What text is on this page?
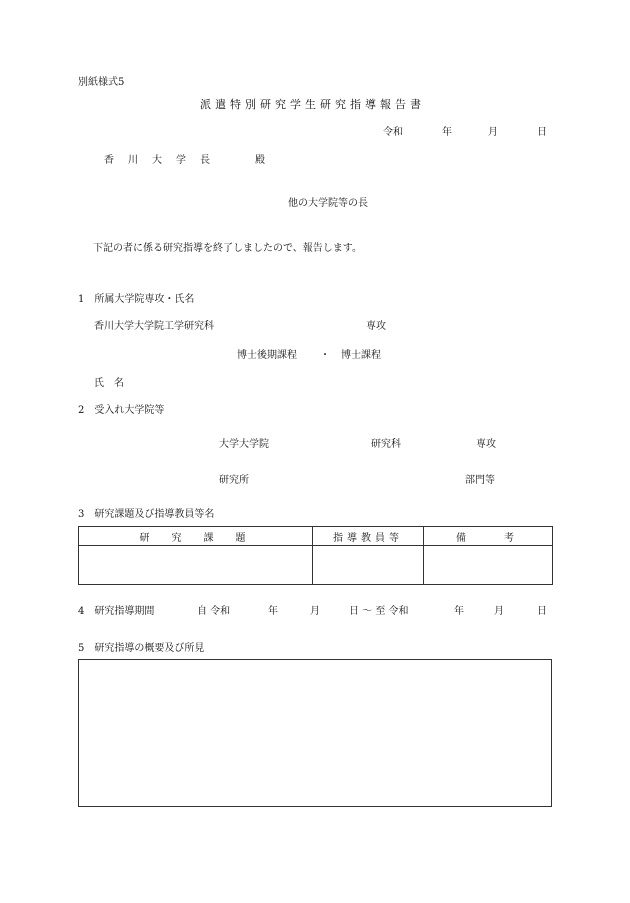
別紙様式5
派遣特別研究学生研究指導報告書
令和	年	月	日
香川大学長	殿
他の大学院等の長
下記の者に係る研究指導を終了しましたので、報告します。
1　所属大学院専攻・氏名
香川大学大学院工学研究科	専攻
博士後期課程 ・ 博士課程
氏　名
2　受入れ大学院等
大学大学院	研究科	専攻
研究所	部門等
3　研究課題及び指導教員等名
研　究　課　題	指導教員等	備　　考

4　研究指導期間	自 令和	年	月	日 〜 至 令和	年	月	日
5　研究指導の概要及び所見
